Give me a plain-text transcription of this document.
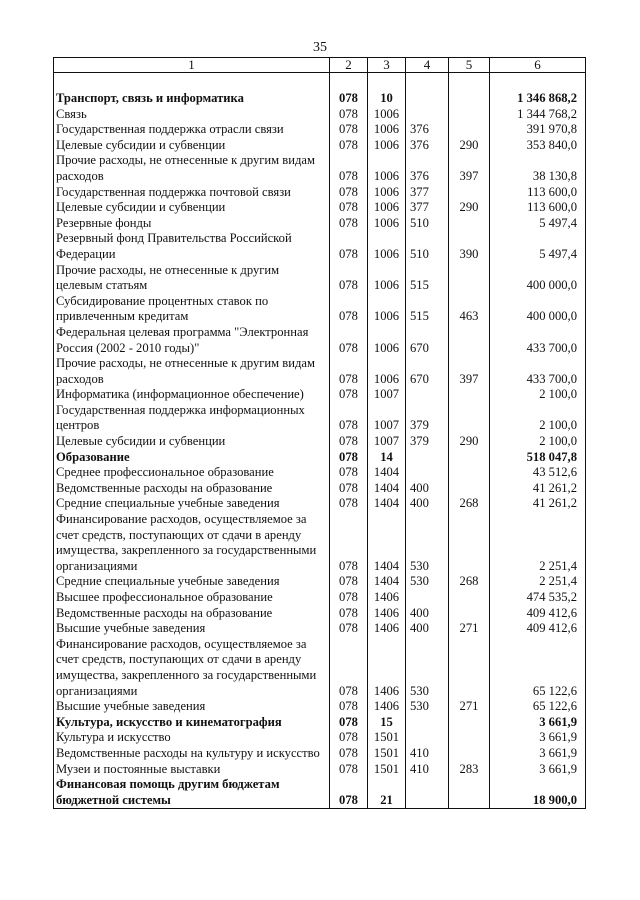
35
1	2	3	4	5	6

Транспорт, связь и информатика	078	10			1 346 868,2
Связь	078	1006			1 344 768,2
Государственная поддержка отрасли связи	078	1006	376		391 970,8
Целевые субсидии и субвенции	078	1006	376	290	353 840,0
Прочие расходы, не отнесенные к другим видам расходов	078	1006	376	397	38 130,8
Государственная поддержка почтовой связи	078	1006	377		113 600,0
Целевые субсидии и субвенции	078	1006	377	290	113 600,0
Резервные фонды	078	1006	510		5 497,4
Резервный фонд Правительства Российской Федерации	078	1006	510	390	5 497,4
Прочие расходы, не отнесенные к другим целевым статьям	078	1006	515		400 000,0
Субсидирование процентных ставок по привлеченным кредитам	078	1006	515	463	400 000,0
Федеральная целевая программа "Электронная Россия (2002 - 2010 годы)"	078	1006	670		433 700,0
Прочие расходы, не отнесенные к другим видам расходов	078	1006	670	397	433 700,0
Информатика (информационное обеспечение)	078	1007			2 100,0
Государственная поддержка информационных центров	078	1007	379		2 100,0
Целевые субсидии и субвенции	078	1007	379	290	2 100,0
Образование	078	14			518 047,8
Среднее профессиональное образование	078	1404			43 512,6
Ведомственные расходы на образование	078	1404	400		41 261,2
Средние специальные учебные заведения	078	1404	400	268	41 261,2
Финансирование расходов, осуществляемое за счет средств, поступающих от сдачи в аренду имущества, закрепленного за государственными организациями	078	1404	530		2 251,4
Средние специальные учебные заведения	078	1404	530	268	2 251,4
Высшее профессиональное образование	078	1406			474 535,2
Ведомственные расходы на образование	078	1406	400		409 412,6
Высшие учебные заведения	078	1406	400	271	409 412,6
Финансирование расходов, осуществляемое за счет средств, поступающих от сдачи в аренду имущества, закрепленного за государственными организациями	078	1406	530		65 122,6
Высшие учебные заведения	078	1406	530	271	65 122,6
Культура, искусство и кинематография	078	15			3 661,9
Культура и искусство	078	1501			3 661,9
Ведомственные расходы на культуру и искусство	078	1501	410		3 661,9
Музеи и постоянные выставки	078	1501	410	283	3 661,9
Финансовая помощь другим бюджетам бюджетной системы	078	21			18 900,0
